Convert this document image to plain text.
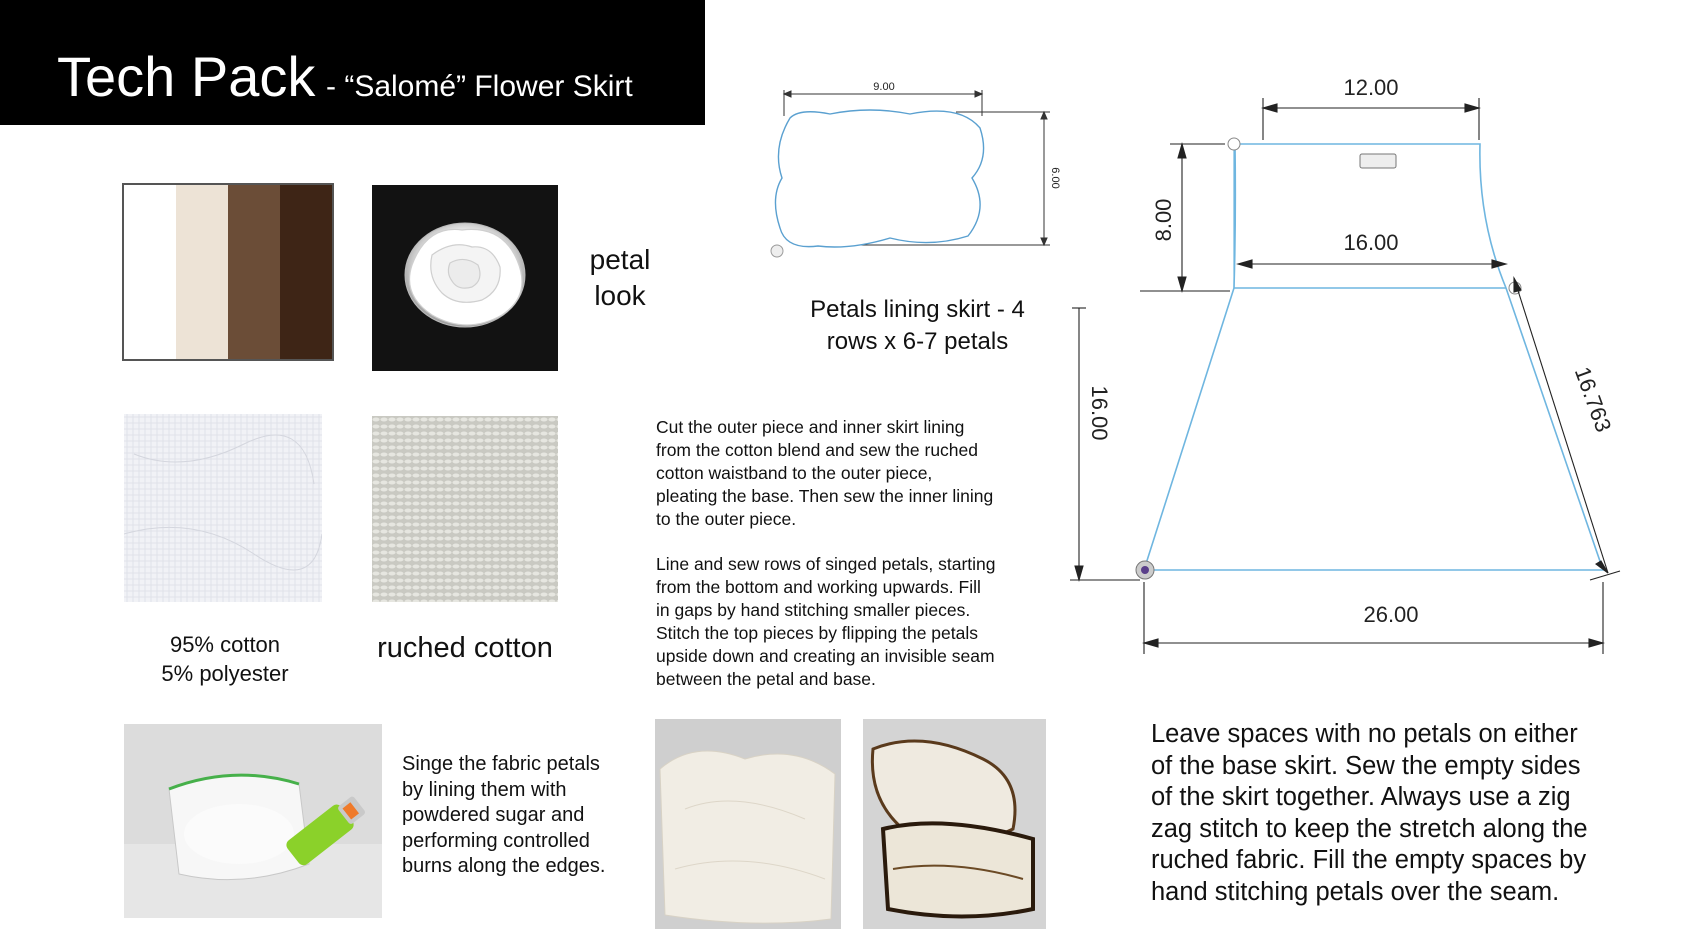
Tech Pack - “Salomé” Flower Skirt
petal
look
95% cotton
5% polyester
ruched cotton
Singe the fabric petals
by lining them with
powdered sugar and
performing controlled
burns along the edges.
Cut the outer piece and inner skirt lining
from the cotton blend and sew the ruched
cotton waistband to the outer piece,
pleating the base. Then sew the inner lining
to the outer piece.
Line and sew rows of singed petals, starting
from the bottom and working upwards. Fill
in gaps by hand stitching smaller pieces.
Stitch the top pieces by flipping the petals
upside down and creating an invisible seam
between the petal and base.
9.00
6.00
Petals lining skirt - 4
rows x 6-7 petals
12.00
8.00
16.00
16.00	16.763
26.00
Leave spaces with no petals on either
of the base skirt. Sew the empty sides
of the skirt together. Always use a zig
zag stitch to keep the stretch along the
ruched fabric. Fill the empty spaces by
hand stitching petals over the seam.
